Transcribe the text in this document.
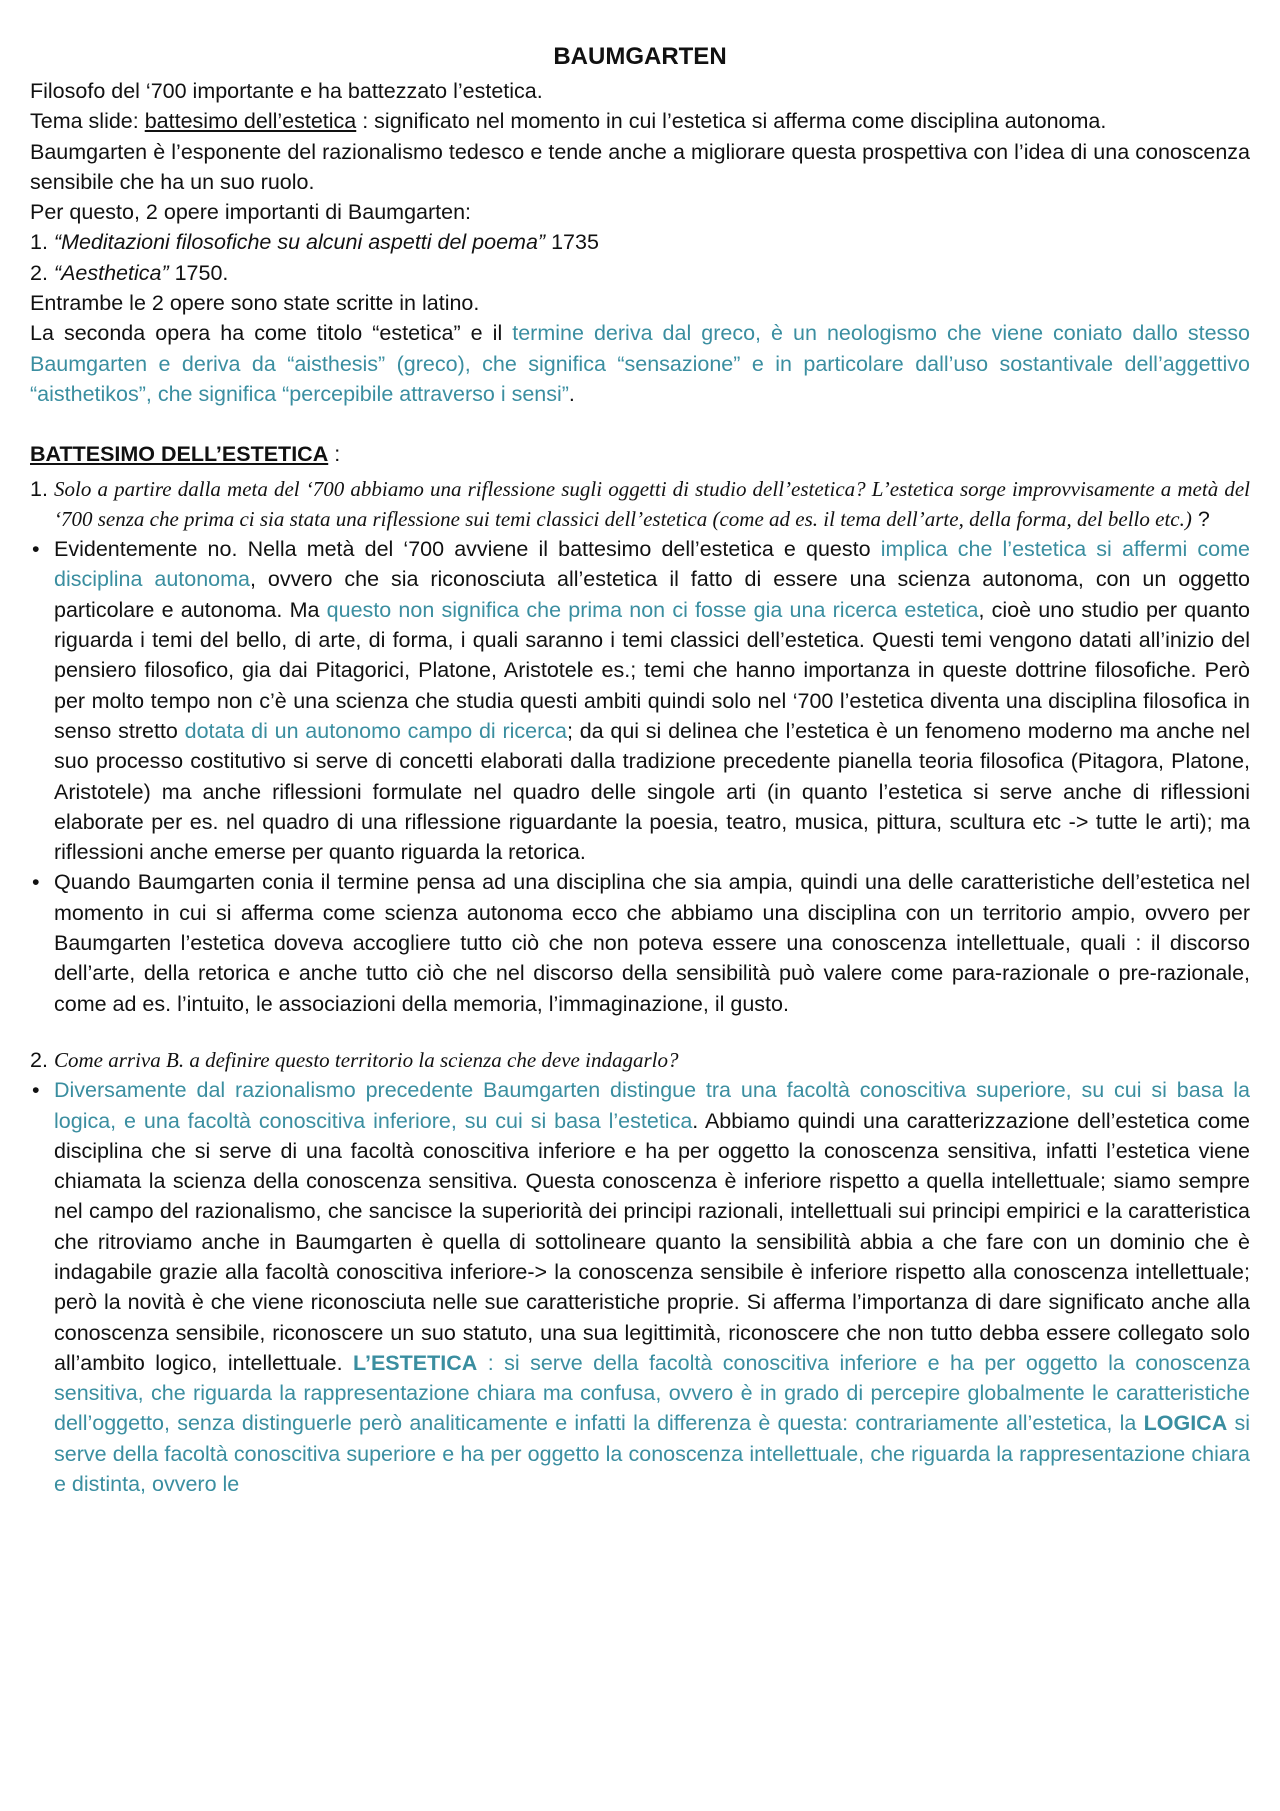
BAUMGARTEN

Filosofo del ‘700 importante e ha battezzato l’estetica.

Tema slide: battesimo dell’estetica : significato nel momento in cui l’estetica si afferma come disciplina autonoma.

Baumgarten è l’esponente del razionalismo tedesco e tende anche a migliorare questa prospettiva con l’idea di una conoscenza sensibile che ha un suo ruolo.

Per questo, 2 opere importanti di Baumgarten:

1. “Meditazioni filosofiche su alcuni aspetti del poema” 1735

2. “Aesthetica” 1750.

Entrambe le 2 opere sono state scritte in latino.

La seconda opera ha come titolo “estetica” e il termine deriva dal greco, è un neologismo che viene coniato dallo stesso Baumgarten e deriva da “aisthesis” (greco), che significa “sensazione” e in particolare dall’uso sostantivale dell’aggettivo “aisthetikos”, che significa “percepibile attraverso i sensi”.

BATTESIMO DELL’ESTETICA :

1. Solo a partire dalla meta del ‘700 abbiamo una riflessione sugli oggetti di studio dell’estetica? L’estetica sorge improvvisamente a metà del ‘700 senza che prima ci sia stata una riflessione sui temi classici dell’estetica (come ad es. il tema dell’arte, della forma, del bello etc.) ?
• Evidentemente no. Nella metà del ‘700 avviene il battesimo dell’estetica e questo implica che l’estetica si affermi come disciplina autonoma, ovvero che sia riconosciuta all’estetica il fatto di essere una scienza autonoma, con un oggetto particolare e autonoma. Ma questo non significa che prima non ci fosse gia una ricerca estetica, cioè uno studio per quanto riguarda i temi del bello, di arte, di forma, i quali saranno i temi classici dell’estetica. Questi temi vengono datati all’inizio del pensiero filosofico, gia dai Pitagorici, Platone, Aristotele es.; temi che hanno importanza in queste dottrine filosofiche. Però per molto tempo non c’è una scienza che studia questi ambiti quindi solo nel ‘700 l’estetica diventa una disciplina filosofica in senso stretto dotata di un autonomo campo di ricerca; da qui si delinea che l’estetica è un fenomeno moderno ma anche nel suo processo costitutivo si serve di concetti elaborati dalla tradizione precedente pianella teoria filosofica (Pitagora, Platone, Aristotele) ma anche riflessioni formulate nel quadro delle singole arti (in quanto l’estetica si serve anche di riflessioni elaborate per es. nel quadro di una riflessione riguardante la poesia, teatro, musica, pittura, scultura etc -> tutte le arti); ma riflessioni anche emerse per quanto riguarda la retorica.

• Quando Baumgarten conia il termine pensa ad una disciplina che sia ampia, quindi una delle caratteristiche dell’estetica nel momento in cui si afferma come scienza autonoma ecco che abbiamo una disciplina con un territorio ampio, ovvero per Baumgarten l’estetica doveva accogliere tutto ciò che non poteva essere una conoscenza intellettuale, quali : il discorso dell’arte, della retorica e anche tutto ciò che nel discorso della sensibilità può valere come para-razionale o pre-razionale, come ad es. l’intuito, le associazioni della memoria, l’immaginazione, il gusto.

2. Come arriva B. a definire questo territorio la scienza che deve indagarlo?
• Diversamente dal razionalismo precedente Baumgarten distingue tra una facoltà conoscitiva superiore, su cui si basa la logica, e una facoltà conoscitiva inferiore, su cui si basa l’estetica. Abbiamo quindi una caratterizzazione dell’estetica come disciplina che si serve di una facoltà conoscitiva inferiore e ha per oggetto la conoscenza sensitiva, infatti l’estetica viene chiamata la scienza della conoscenza sensitiva. Questa conoscenza è inferiore rispetto a quella intellettuale; siamo sempre nel campo del razionalismo, che sancisce la superiorità dei principi razionali, intellettuali sui principi empirici e la caratteristica che ritroviamo anche in Baumgarten è quella di sottolineare quanto la sensibilità abbia a che fare con un dominio che è indagabile grazie alla facoltà conoscitiva inferiore-> la conoscenza sensibile è inferiore rispetto alla conoscenza intellettuale; però la novità è che viene riconosciuta nelle sue caratteristiche proprie. Si afferma l’importanza di dare significato anche alla conoscenza sensibile, riconoscere un suo statuto, una sua legittimità, riconoscere che non tutto debba essere collegato solo all’ambito logico, intellettuale. L’ESTETICA : si serve della facoltà conoscitiva inferiore e ha per oggetto la conoscenza sensitiva, che riguarda la rappresentazione chiara ma confusa, ovvero è in grado di percepire globalmente le caratteristiche dell’oggetto, senza distinguerle però analiticamente e infatti la differenza è questa: contrariamente all’estetica, la LOGICA si serve della facoltà conoscitiva superiore e ha per oggetto la conoscenza intellettuale, che riguarda la rappresentazione chiara e distinta, ovvero le
